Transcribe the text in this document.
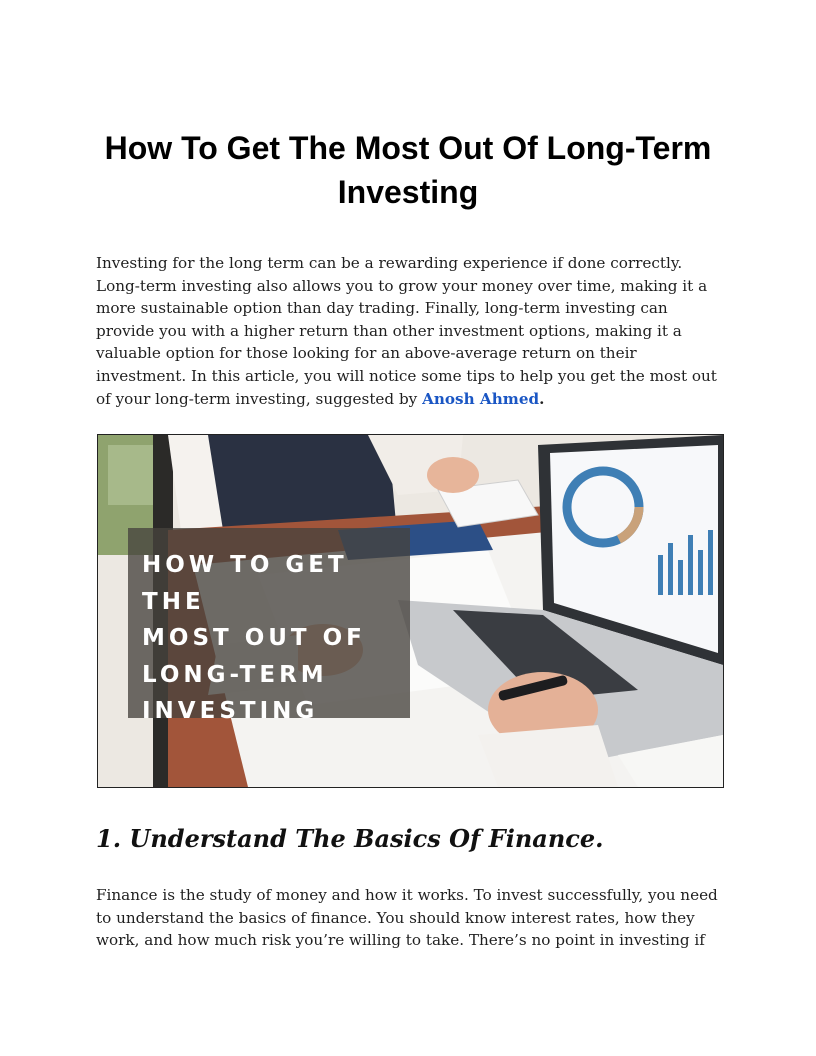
How To Get The Most Out Of Long-Term Investing
Investing for the long term can be a rewarding experience if done correctly. Long-term investing also allows you to grow your money over time, making it a more sustainable option than day trading. Finally, long-term investing can provide you with a higher return than other investment options, making it a valuable option for those looking for an above-average return on their investment. In this article, you will notice some tips to help you get the most out of your long-term investing, suggested by Anosh Ahmed.
HOW TO GET THE
MOST OUT OF
LONG-TERM
INVESTING
1. Understand The Basics Of Finance.
Finance is the study of money and how it works. To invest successfully, you need to understand the basics of finance. You should know interest rates, how they work, and how much risk you’re willing to take. There’s no point in investing if
